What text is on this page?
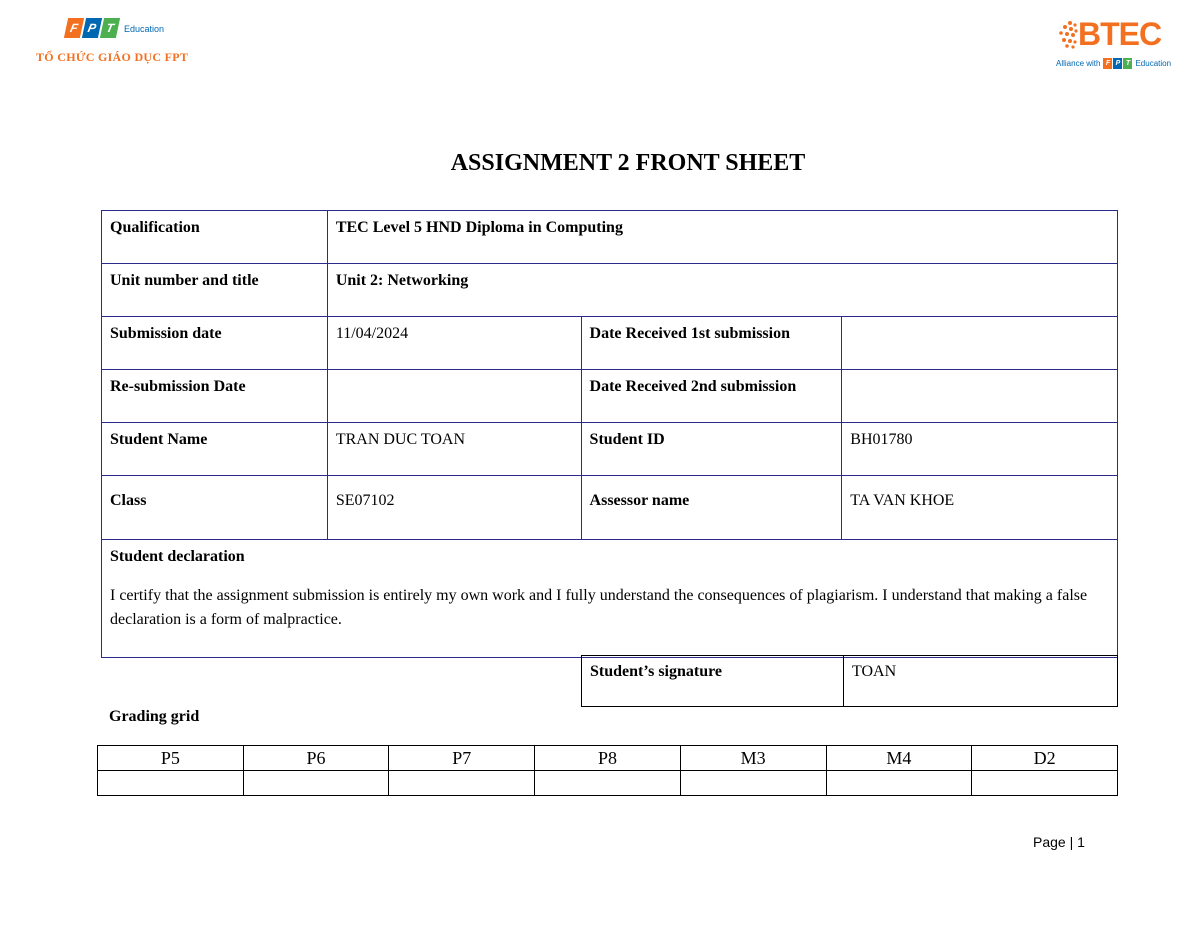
F P T Education
TỔ CHỨC GIÁO DỤC FPT
BTEC
Alliance with F P T Education
ASSIGNMENT 2 FRONT SHEET
Qualification	TEC Level 5 HND Diploma in Computing		
Unit number and title	Unit 2: Networking		
Submission date	11/04/2024	Date Received 1st submission	
Re-submission Date		Date Received 2nd submission	
Student Name	TRAN DUC TOAN	Student ID	BH01780
Class	SE07102	Assessor name	TA VAN KHOE

Student declaration
I certify that the assignment submission is entirely my own work and I fully understand the consequences of plagiarism. I understand that making a false declaration is a form of malpractice.			
Student’s signature	TOAN
Grading grid
P5	P6	P7	P8	M3	M4	D2

Page | 1
